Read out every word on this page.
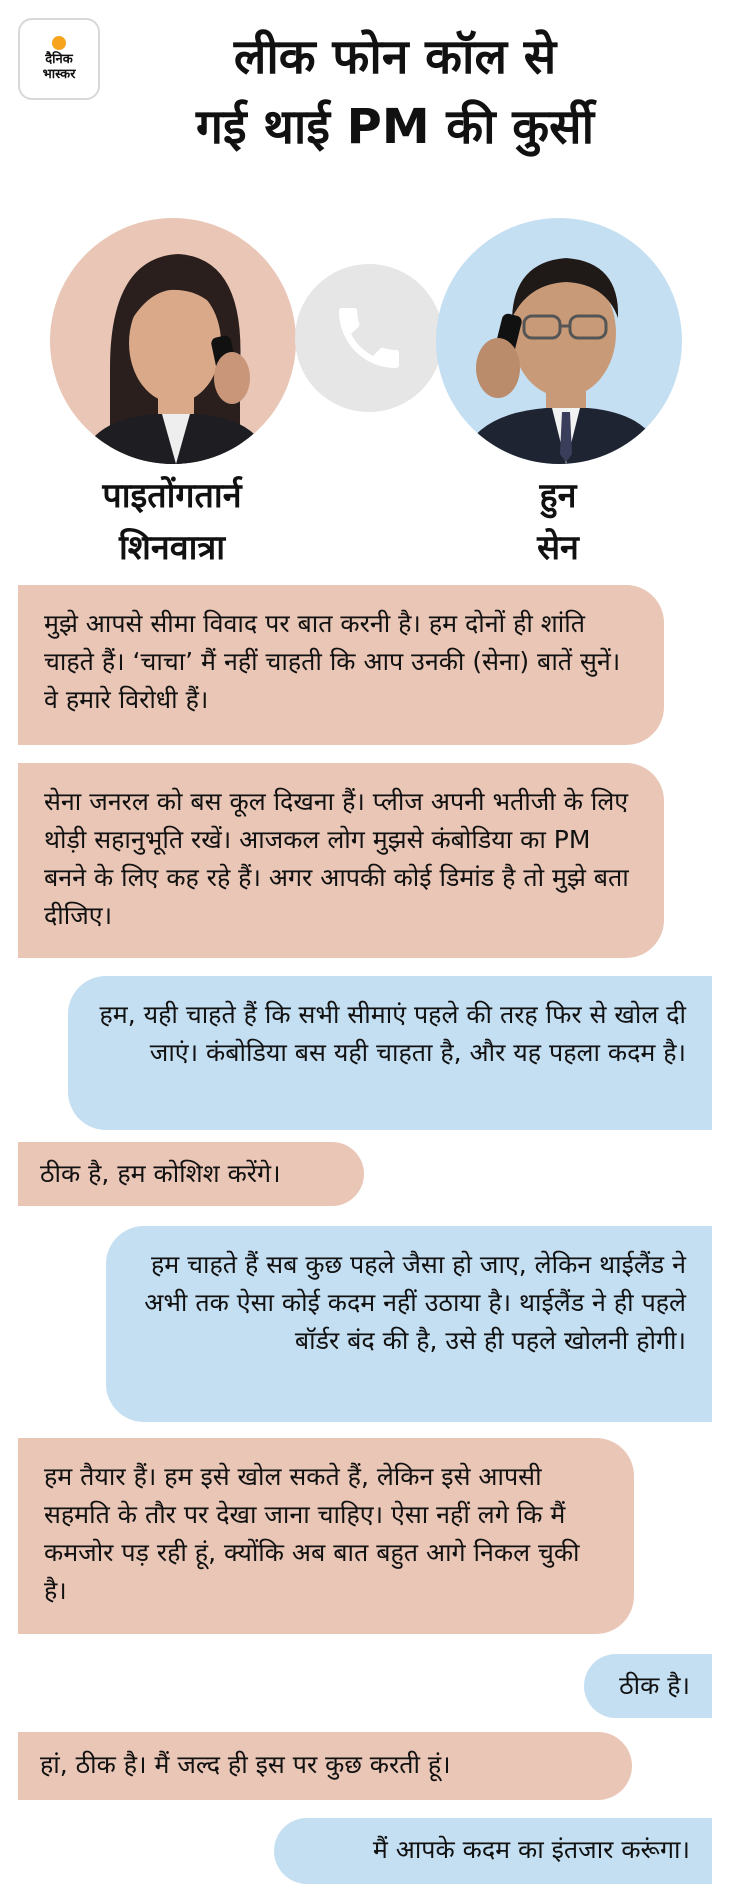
दैनिक
भास्कर	लीक फोन कॉल से
गई थाई PM की कुर्सी
पाइतोंगतार्न
शिनवात्रा
हुन
सेन
मुझे आपसे सीमा विवाद पर बात करनी है। हम दोनों ही शांति चाहते हैं। ‘चाचा’ मैं नहीं चाहती कि आप उनकी (सेना) बातें सुनें। वे हमारे विरोधी हैं।
सेना जनरल को बस कूल दिखना हैं। प्लीज अपनी भतीजी के लिए थोड़ी सहानुभूति रखें। आजकल लोग मुझसे कंबोडिया का PM बनने के लिए कह रहे हैं। अगर आपकी कोई डिमांड है तो मुझे बता दीजिए।
हम, यही चाहते हैं कि सभी सीमाएं पहले की तरह फिर से खोल दी जाएं। कंबोडिया बस यही चाहता है, और यह पहला कदम है।
ठीक है, हम कोशिश करेंगे।
हम चाहते हैं सब कुछ पहले जैसा हो जाए, लेकिन थाईलैंड ने अभी तक ऐसा कोई कदम नहीं उठाया है। थाईलैंड ने ही पहले बॉर्डर बंद की है, उसे ही पहले खोलनी होगी।
हम तैयार हैं। हम इसे खोल सकते हैं, लेकिन इसे आपसी सहमति के तौर पर देखा जाना चाहिए। ऐसा नहीं लगे कि मैं कमजोर पड़ रही हूं, क्योंकि अब बात बहुत आगे निकल चुकी है।
ठीक है।
हां, ठीक है। मैं जल्द ही इस पर कुछ करती हूं।
मैं आपके कदम का इंतजार करूंगा।
